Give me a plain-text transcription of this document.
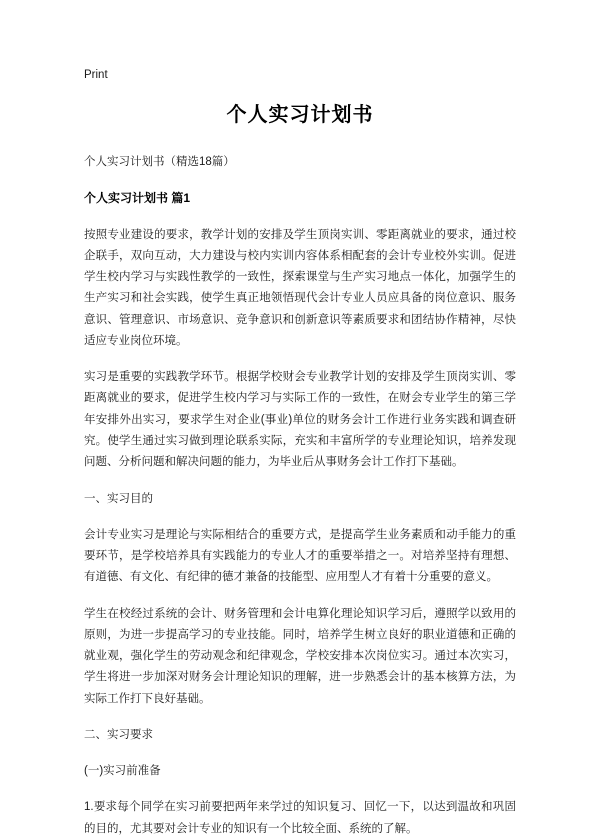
Print
个人实习计划书
个人实习计划书（精选18篇）
个人实习计划书 篇1

按照专业建设的要求，教学计划的安排及学生顶岗实训、零距离就业的要求，通过校企联手，双向互动，大力建设与校内实训内容体系相配套的会计专业校外实训。促进学生校内学习与实践性教学的一致性，探索课堂与生产实习地点一体化，加强学生的生产实习和社会实践，使学生真正地领悟现代会计专业人员应具备的岗位意识、服务意识、管理意识、市场意识、竞争意识和创新意识等素质要求和团结协作精神，尽快适应专业岗位环境。

实习是重要的实践教学环节。根据学校财会专业教学计划的安排及学生顶岗实训、零距离就业的要求，促进学生校内学习与实际工作的一致性，在财会专业学生的第三学年安排外出实习，要求学生对企业(事业)单位的财务会计工作进行业务实践和调查研究。使学生通过实习做到理论联系实际，充实和丰富所学的专业理论知识，培养发现问题、分析问题和解决问题的能力，为毕业后从事财务会计工作打下基础。

一、实习目的

会计专业实习是理论与实际相结合的重要方式，是提高学生业务素质和动手能力的重要环节，是学校培养具有实践能力的专业人才的重要举措之一。对培养坚持有理想、有道德、有文化、有纪律的德才兼备的技能型、应用型人才有着十分重要的意义。

学生在校经过系统的会计、财务管理和会计电算化理论知识学习后，遵照学以致用的原则，为进一步提高学习的专业技能。同时，培养学生树立良好的职业道德和正确的就业观，强化学生的劳动观念和纪律观念，学校安排本次岗位实习。通过本次实习，学生将进一步加深对财务会计理论知识的理解，进一步熟悉会计的基本核算方法，为实际工作打下良好基础。

二、实习要求

(一)实习前准备

1.要求每个同学在实习前要把两年来学过的知识复习、回忆一下，以达到温故和巩固的目的，尤其要对会计专业的知识有一个比较全面、系统的了解。
